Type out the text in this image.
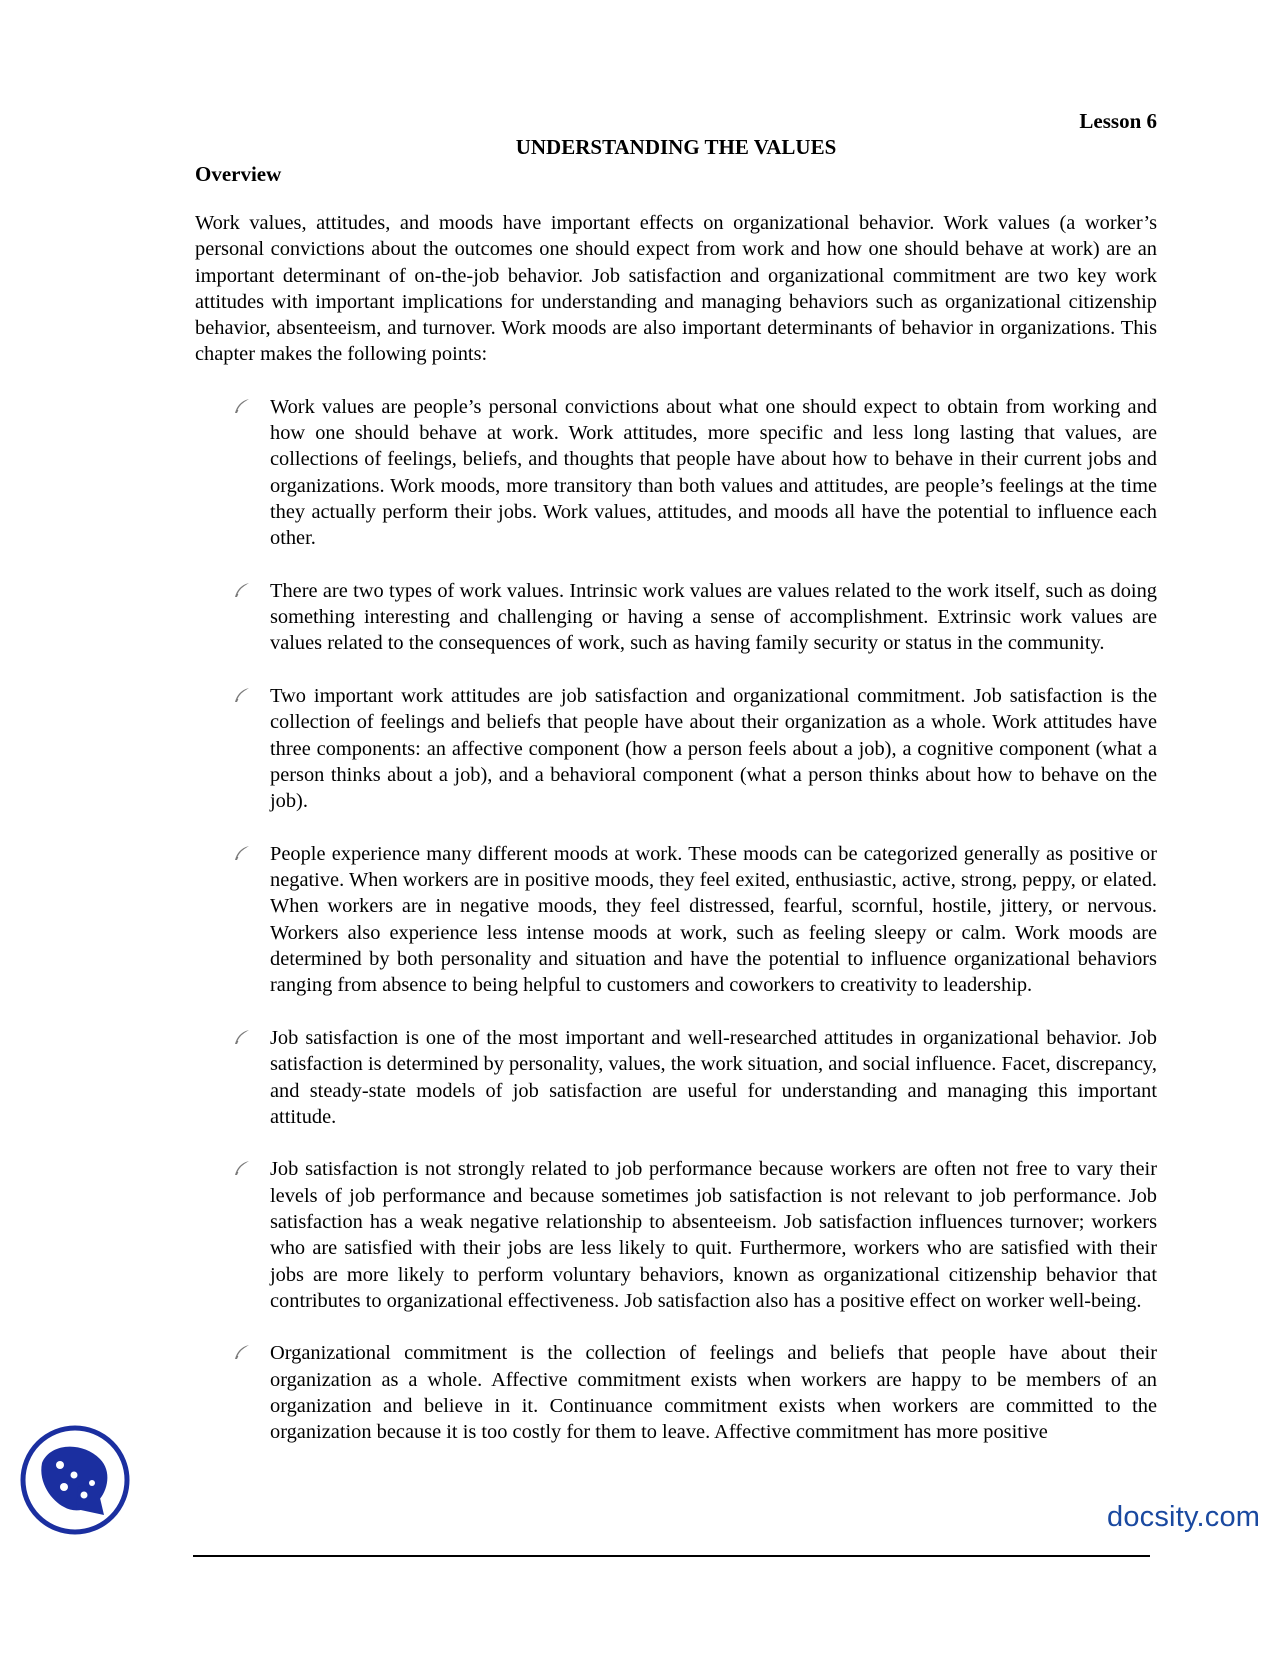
Lesson 6
UNDERSTANDING THE VALUES
Overview

Work values, attitudes, and moods have important effects on organizational behavior. Work values (a worker’s personal convictions about the outcomes one should expect from work and how one should behave at work) are an important determinant of on-the-job behavior. Job satisfaction and organizational commitment are two key work attitudes with important implications for understanding and managing behaviors such as organizational citizenship behavior, absenteeism, and turnover. Work moods are also important determinants of behavior in organizations. This chapter makes the following points:

Work values are people’s personal convictions about what one should expect to obtain from working and how one should behave at work. Work attitudes, more specific and less long lasting that values, are collections of feelings, beliefs, and thoughts that people have about how to behave in their current jobs and organizations. Work moods, more transitory than both values and attitudes, are people’s feelings at the time they actually perform their jobs. Work values, attitudes, and moods all have the potential to influence each other.
There are two types of work values. Intrinsic work values are values related to the work itself, such as doing something interesting and challenging or having a sense of accomplishment. Extrinsic work values are values related to the consequences of work, such as having family security or status in the community.
Two important work attitudes are job satisfaction and organizational commitment. Job satisfaction is the collection of feelings and beliefs that people have about their organization as a whole. Work attitudes have three components: an affective component (how a person feels about a job), a cognitive component (what a person thinks about a job), and a behavioral component (what a person thinks about how to behave on the job).
People experience many different moods at work. These moods can be categorized generally as positive or negative. When workers are in positive moods, they feel exited, enthusiastic, active, strong, peppy, or elated. When workers are in negative moods, they feel distressed, fearful, scornful, hostile, jittery, or nervous. Workers also experience less intense moods at work, such as feeling sleepy or calm. Work moods are determined by both personality and situation and have the potential to influence organizational behaviors ranging from absence to being helpful to customers and coworkers to creativity to leadership.
Job satisfaction is one of the most important and well-researched attitudes in organizational behavior. Job satisfaction is determined by personality, values, the work situation, and social influence. Facet, discrepancy, and steady-state models of job satisfaction are useful for understanding and managing this important attitude.
Job satisfaction is not strongly related to job performance because workers are often not free to vary their levels of job performance and because sometimes job satisfaction is not relevant to job performance. Job satisfaction has a weak negative relationship to absenteeism. Job satisfaction influences turnover; workers who are satisfied with their jobs are less likely to quit. Furthermore, workers who are satisfied with their jobs are more likely to perform voluntary behaviors, known as organizational citizenship behavior that contributes to organizational effectiveness. Job satisfaction also has a positive effect on worker well-being.
Organizational commitment is the collection of feelings and beliefs that people have about their organization as a whole. Affective commitment exists when workers are happy to be members of an organization and believe in it. Continuance commitment exists when workers are committed to the organization because it is too costly for them to leave. Affective commitment has more positive
docsity.com
